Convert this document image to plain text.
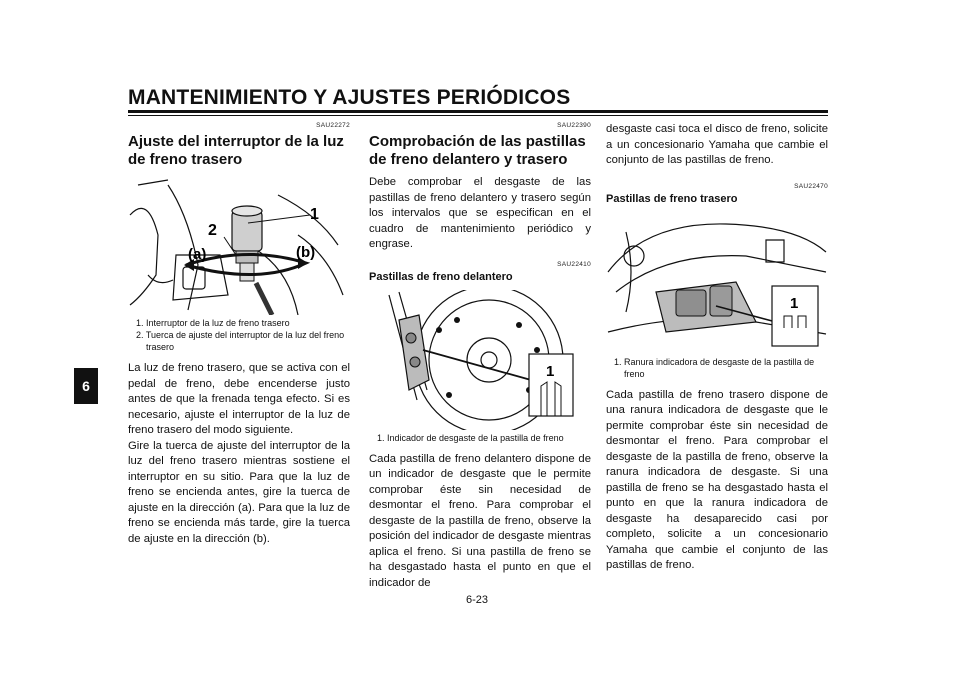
MANTENIMIENTO Y AJUSTES PERIÓDICOS
6
SAU22272
Ajuste del interruptor de la luz de freno trasero
1
2
(a)	(b)
1. Interruptor de la luz de freno trasero
2. Tuerca de ajuste del interruptor de la luz del freno trasero

La luz de freno trasero, que se activa con el pedal de freno, debe encenderse justo antes de que la frenada tenga efecto. Si es necesario, ajuste el interruptor de la luz de freno trasero del modo siguiente.

Gire la tuerca de ajuste del interruptor de la luz del freno trasero mientras sostiene el interruptor en su sitio. Para que la luz de freno se encienda antes, gire la tuerca de ajuste en la dirección (a). Para que la luz de freno se encienda más tarde, gire la tuerca de ajuste en la dirección (b).

SAU22390
Comprobación de las pastillas de freno delantero y trasero

Debe comprobar el desgaste de las pastillas de freno delantero y trasero según los intervalos que se especifican en el cuadro de mantenimiento periódico y engrase.

SAU22410
Pastillas de freno delantero
1
1. Indicador de desgaste de la pastilla de freno

Cada pastilla de freno delantero dispone de un indicador de desgaste que le permite comprobar éste sin necesidad de desmontar el freno. Para comprobar el desgaste de la pastilla de freno, observe la posición del indicador de desgaste mientras aplica el freno. Si una pastilla de freno se ha desgastado hasta el punto en que el indicador de

desgaste casi toca el disco de freno, solicite a un concesionario Yamaha que cambie el conjunto de las pastillas de freno.

SAU22470
Pastillas de freno trasero
1
1. Ranura indicadora de desgaste de la pastilla de freno

Cada pastilla de freno trasero dispone de una ranura indicadora de desgaste que le permite comprobar éste sin necesidad de desmontar el freno. Para comprobar el desgaste de la pastilla de freno, observe la ranura indicadora de desgaste. Si una pastilla de freno se ha desgastado hasta el punto en que la ranura indicadora de desgaste ha desaparecido casi por completo, solicite a un concesionario Yamaha que cambie el conjunto de las pastillas de freno.

6-23
